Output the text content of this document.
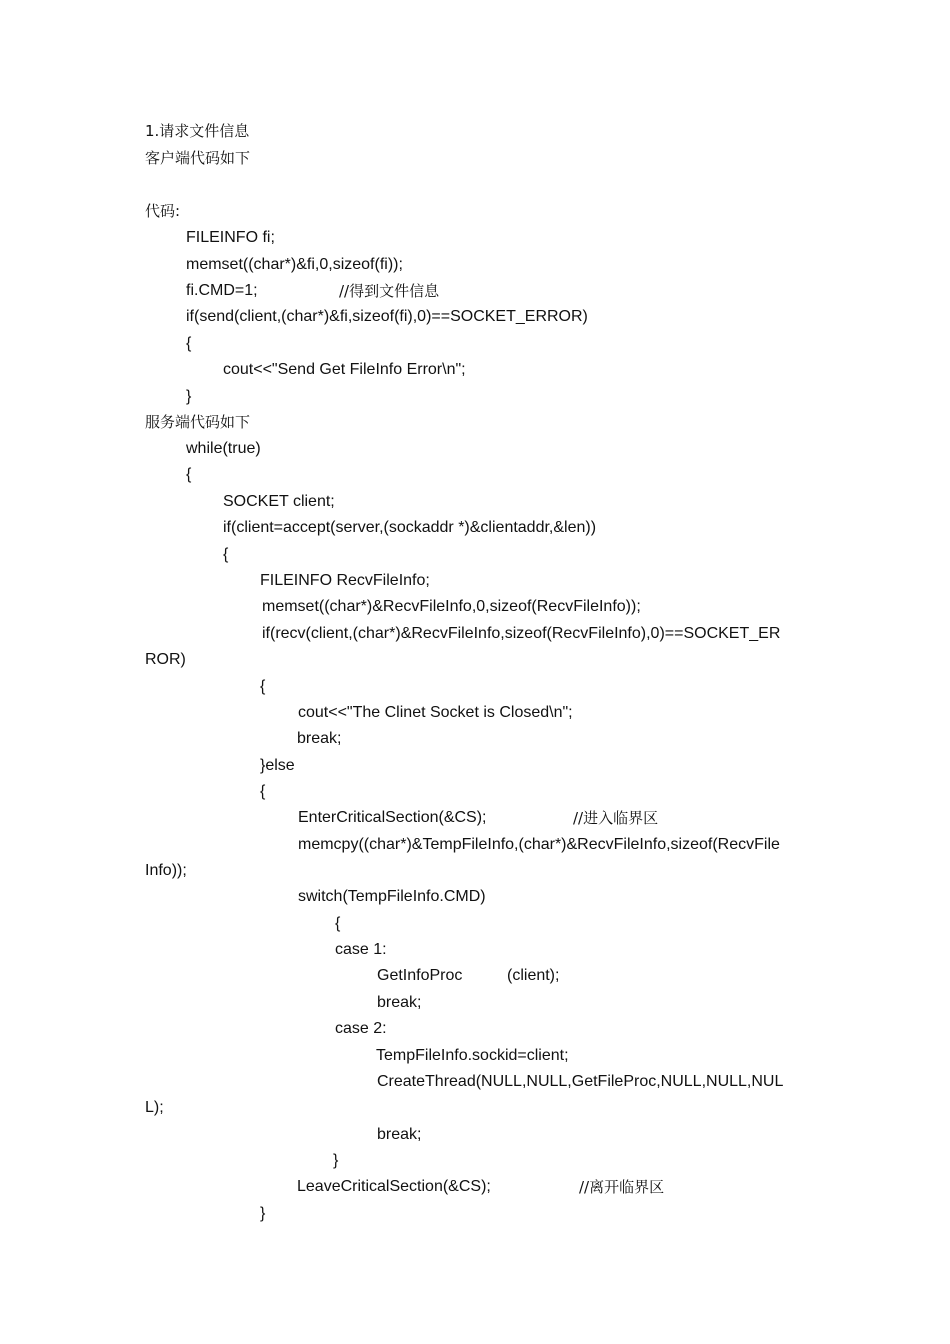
1.请求文件信息
客户端代码如下
代码:
FILEINFO fi;
memset((char*)&fi,0,sizeof(fi));
fi.CMD=1;	//得到文件信息
if(send(client,(char*)&fi,sizeof(fi),0)==SOCKET_ERROR)
{
cout<<"Send Get FileInfo Error\n";
}
服务端代码如下
while(true)
{
SOCKET client;
if(client=accept(server,(sockaddr *)&clientaddr,&len))
{
FILEINFO RecvFileInfo;
memset((char*)&RecvFileInfo,0,sizeof(RecvFileInfo));
if(recv(client,(char*)&RecvFileInfo,sizeof(RecvFileInfo),0)==SOCKET_ER
ROR)
{
cout<<"The Clinet Socket is Closed\n";
break;
}else
{
EnterCriticalSection(&CS);	//进入临界区
memcpy((char*)&TempFileInfo,(char*)&RecvFileInfo,sizeof(RecvFile
Info));
switch(TempFileInfo.CMD)
{
case 1:
GetInfoProc	(client);
break;
case 2:
TempFileInfo.sockid=client;
CreateThread(NULL,NULL,GetFileProc,NULL,NULL,NUL
L);
break;
}
LeaveCriticalSection(&CS);	//离开临界区
}
